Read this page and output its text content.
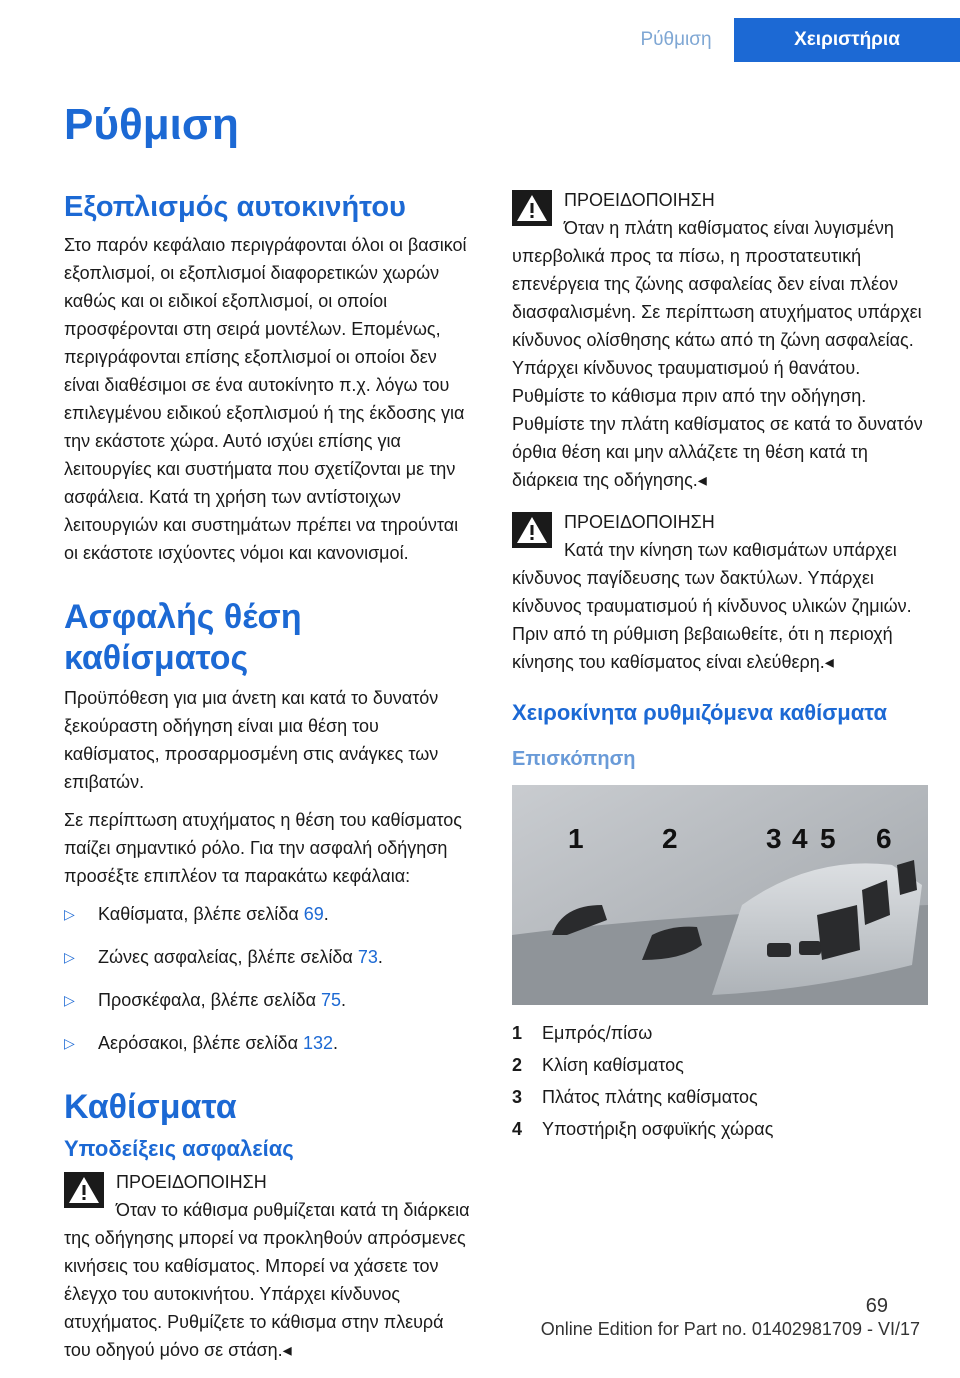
Ρύθμιση	Χειριστήρια
Ρύθμιση
Εξοπλισμός αυτοκινήτου

Στο παρόν κεφάλαιο περιγράφονται όλοι οι βασικοί εξοπλισμοί, οι εξοπλισμοί διαφορετικών χωρών καθώς και οι ειδικοί εξοπλισμοί, οι οποίοι προσφέρονται στη σειρά μοντέλων. Επομένως, περιγράφονται επίσης εξοπλισμοί οι οποίοι δεν είναι διαθέσιμοι σε ένα αυτοκίνητο π.χ. λόγω του επιλεγμένου ειδικού εξοπλισμού ή της έκδοσης για την εκάστοτε χώρα. Αυτό ισχύει επίσης για λειτουργίες και συστήματα που σχετίζονται με την ασφάλεια. Κατά τη χρήση των αντίστοιχων λειτουργιών και συστημάτων πρέπει να τηρούνται οι εκάστοτε ισχύοντες νόμοι και κανονισμοί.

Ασφαλής θέση καθίσματος

Προϋπόθεση για μια άνετη και κατά το δυνατόν ξεκούραστη οδήγηση είναι μια θέση του καθίσματος, προσαρμοσμένη στις ανάγκες των επιβατών.

Σε περίπτωση ατυχήματος η θέση του καθίσματος παίζει σημαντικό ρόλο. Για την ασφαλή οδήγηση προσέξτε επιπλέον τα παρακάτω κεφάλαια:

▷ Καθίσματα, βλέπε σελίδα 69.
▷ Ζώνες ασφαλείας, βλέπε σελίδα 73.
▷ Προσκέφαλα, βλέπε σελίδα 75.
▷ Αερόσακοι, βλέπε σελίδα 132.
Καθίσματα
Υποδείξεις ασφαλείας
ΠΡΟΕΙΔΟΠΟΙΗΣΗ

Όταν το κάθισμα ρυθμίζεται κατά τη διάρκεια της οδήγησης μπορεί να προκληθούν απρόσμενες κινήσεις του καθίσματος. Μπορεί να χάσετε τον έλεγχο του αυτοκινήτου. Υπάρχει κίνδυνος ατυχήματος. Ρυθμίζετε το κάθισμα στην πλευρά του οδηγού μόνο σε στάση.◂

ΠΡΟΕΙΔΟΠΟΙΗΣΗ

Όταν η πλάτη καθίσματος είναι λυγισμένη υπερβολικά προς τα πίσω, η προστατευτική επενέργεια της ζώνης ασφαλείας δεν είναι πλέον διασφαλισμένη. Σε περίπτωση ατυχήματος υπάρχει κίνδυνος ολίσθησης κάτω από τη ζώνη ασφαλείας. Υπάρχει κίνδυνος τραυματισμού ή θανάτου. Ρυθμίστε το κάθισμα πριν από την οδήγηση. Ρυθμίστε την πλάτη καθίσματος σε κατά το δυνατόν όρθια θέση και μην αλλάζετε τη θέση κατά τη διάρκεια της οδήγησης.◂

ΠΡΟΕΙΔΟΠΟΙΗΣΗ

Κατά την κίνηση των καθισμάτων υπάρχει κίνδυνος παγίδευσης των δακτύλων. Υπάρχει κίνδυνος τραυματισμού ή κίνδυνος υλικών ζημιών. Πριν από τη ρύθμιση βεβαιωθείτε, ότι η περιοχή κίνησης του καθίσματος είναι ελεύθερη.◂

Χειροκίνητα ρυθμιζόμενα καθίσματα
Επισκόπηση
1	2	3 4 5 6
1	Εμπρός/πίσω
2	Κλίση καθίσματος
3	Πλάτος πλάτης καθίσματος
4	Υποστήριξη οσφυϊκής χώρας
69
Online Edition for Part no. 01402981709 - VI/17
